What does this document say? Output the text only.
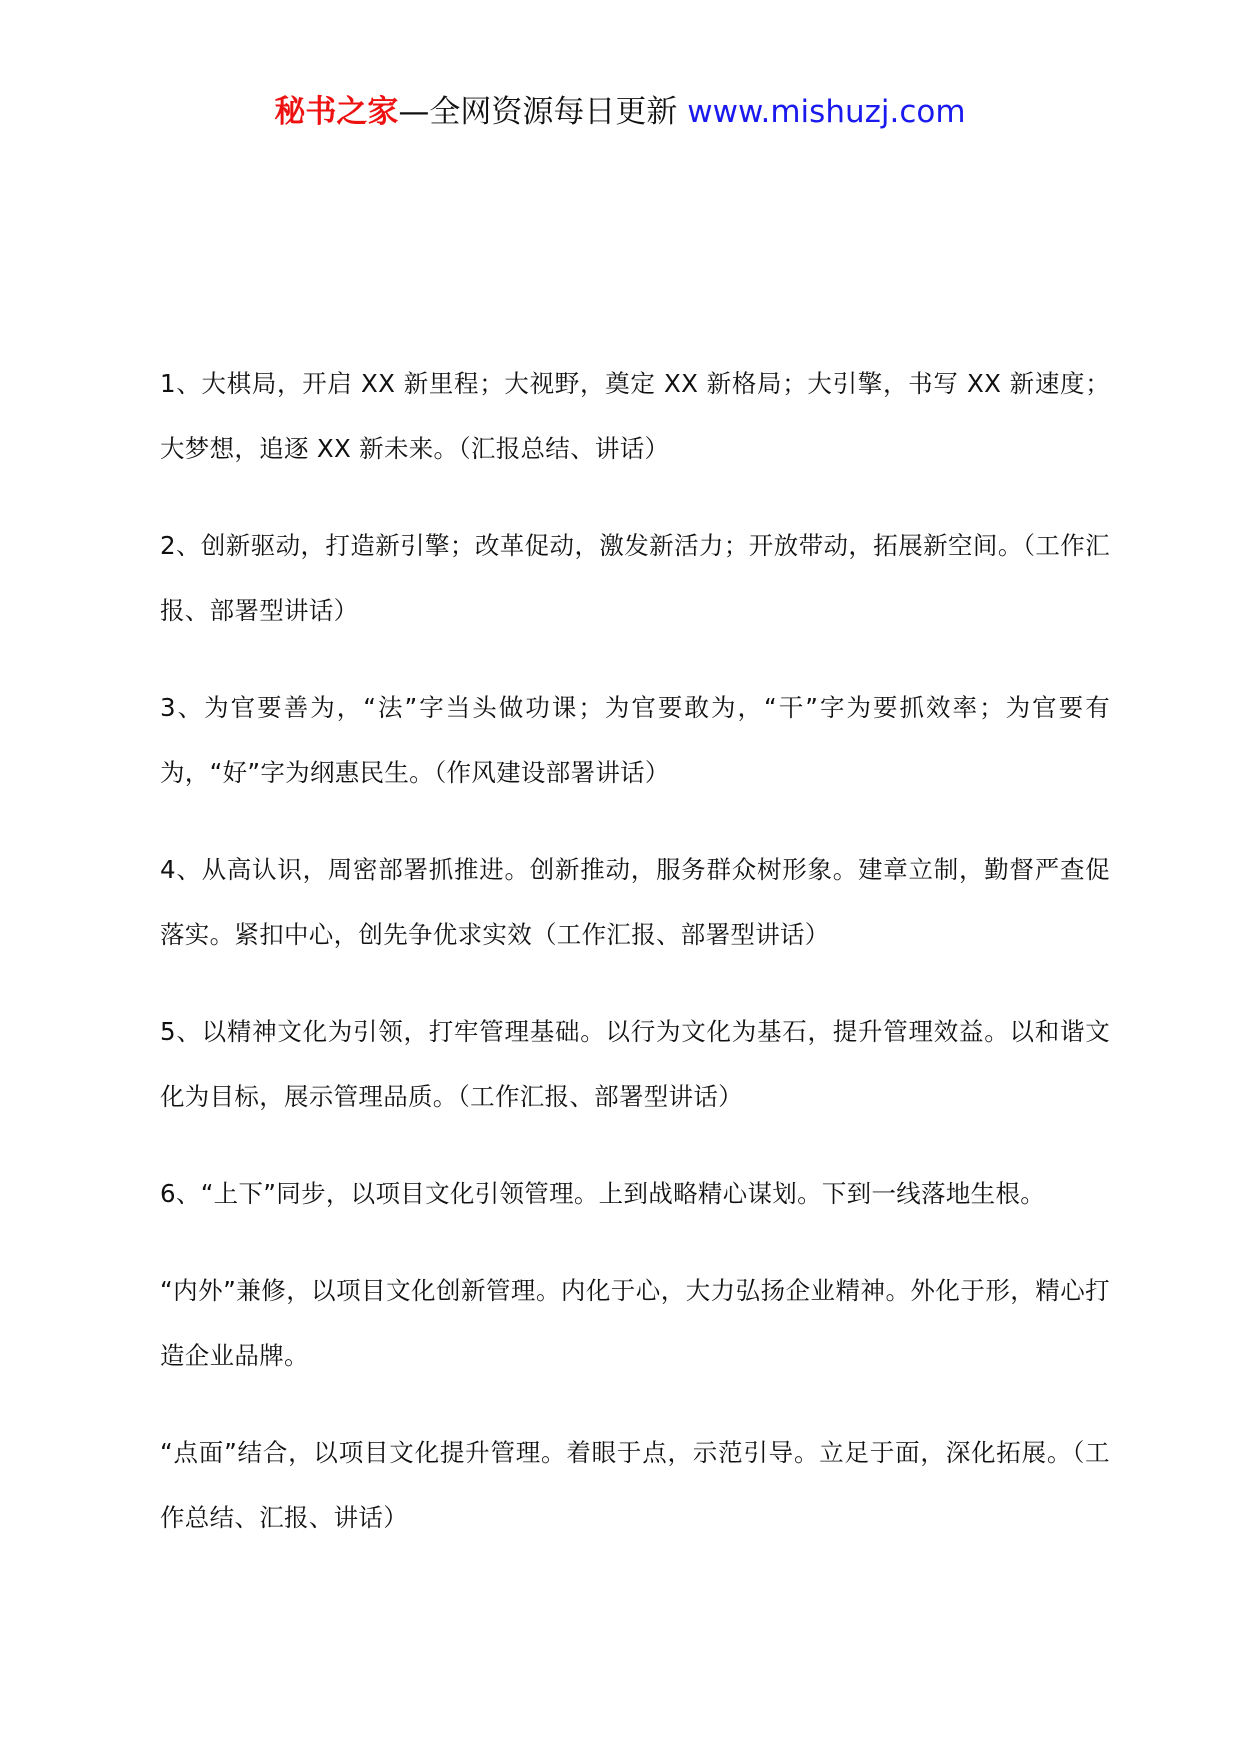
秘书之家—全网资源每日更新 www.mishuzj.com

1、大棋局，开启 XX 新里程；大视野，奠定 XX 新格局；大引擎，书写 XX 新速度；大梦想，追逐 XX 新未来。（汇报总结、讲话）

2、创新驱动，打造新引擎；改革促动，激发新活力；开放带动，拓展新空间。（工作汇报、部署型讲话）

3、为官要善为，“法”字当头做功课；为官要敢为，“干”字为要抓效率；为官要有为，“好”字为纲惠民生。（作风建设部署讲话）

4、从高认识，周密部署抓推进。创新推动，服务群众树形象。建章立制，勤督严查促落实。紧扣中心，创先争优求实效（工作汇报、部署型讲话）

5、以精神文化为引领，打牢管理基础。以行为文化为基石，提升管理效益。以和谐文化为目标，展示管理品质。（工作汇报、部署型讲话）

6、“上下”同步，以项目文化引领管理。上到战略精心谋划。下到一线落地生根。

“内外”兼修，以项目文化创新管理。内化于心，大力弘扬企业精神。外化于形，精心打造企业品牌。

“点面”结合，以项目文化提升管理。着眼于点，示范引导。立足于面，深化拓展。（工作总结、汇报、讲话）
